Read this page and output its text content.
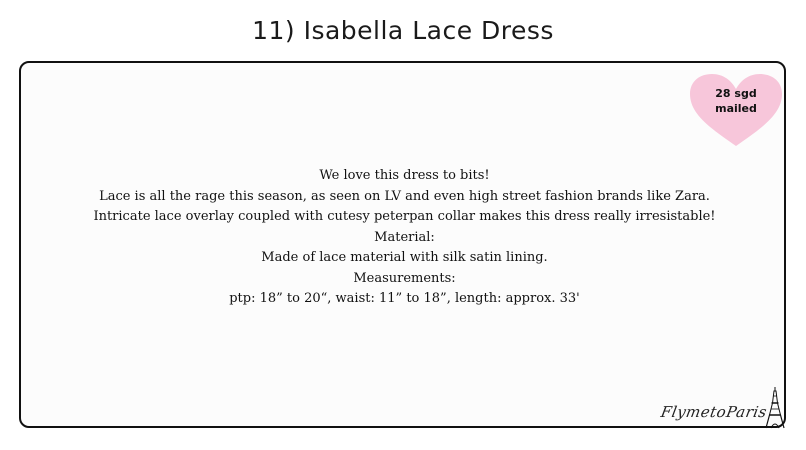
11) Isabella Lace Dress
28 sgd
mailed
We love this dress to bits!
Lace is all the rage this season, as seen on LV and even high street fashion brands like Zara.
Intricate lace overlay coupled with cutesy peterpan collar makes this dress really irresistable!
Material:
Made of lace material with silk satin lining.
Measurements:
ptp: 18” to 20“, waist: 11” to 18”, length: approx. 33'
FlymetoParis
